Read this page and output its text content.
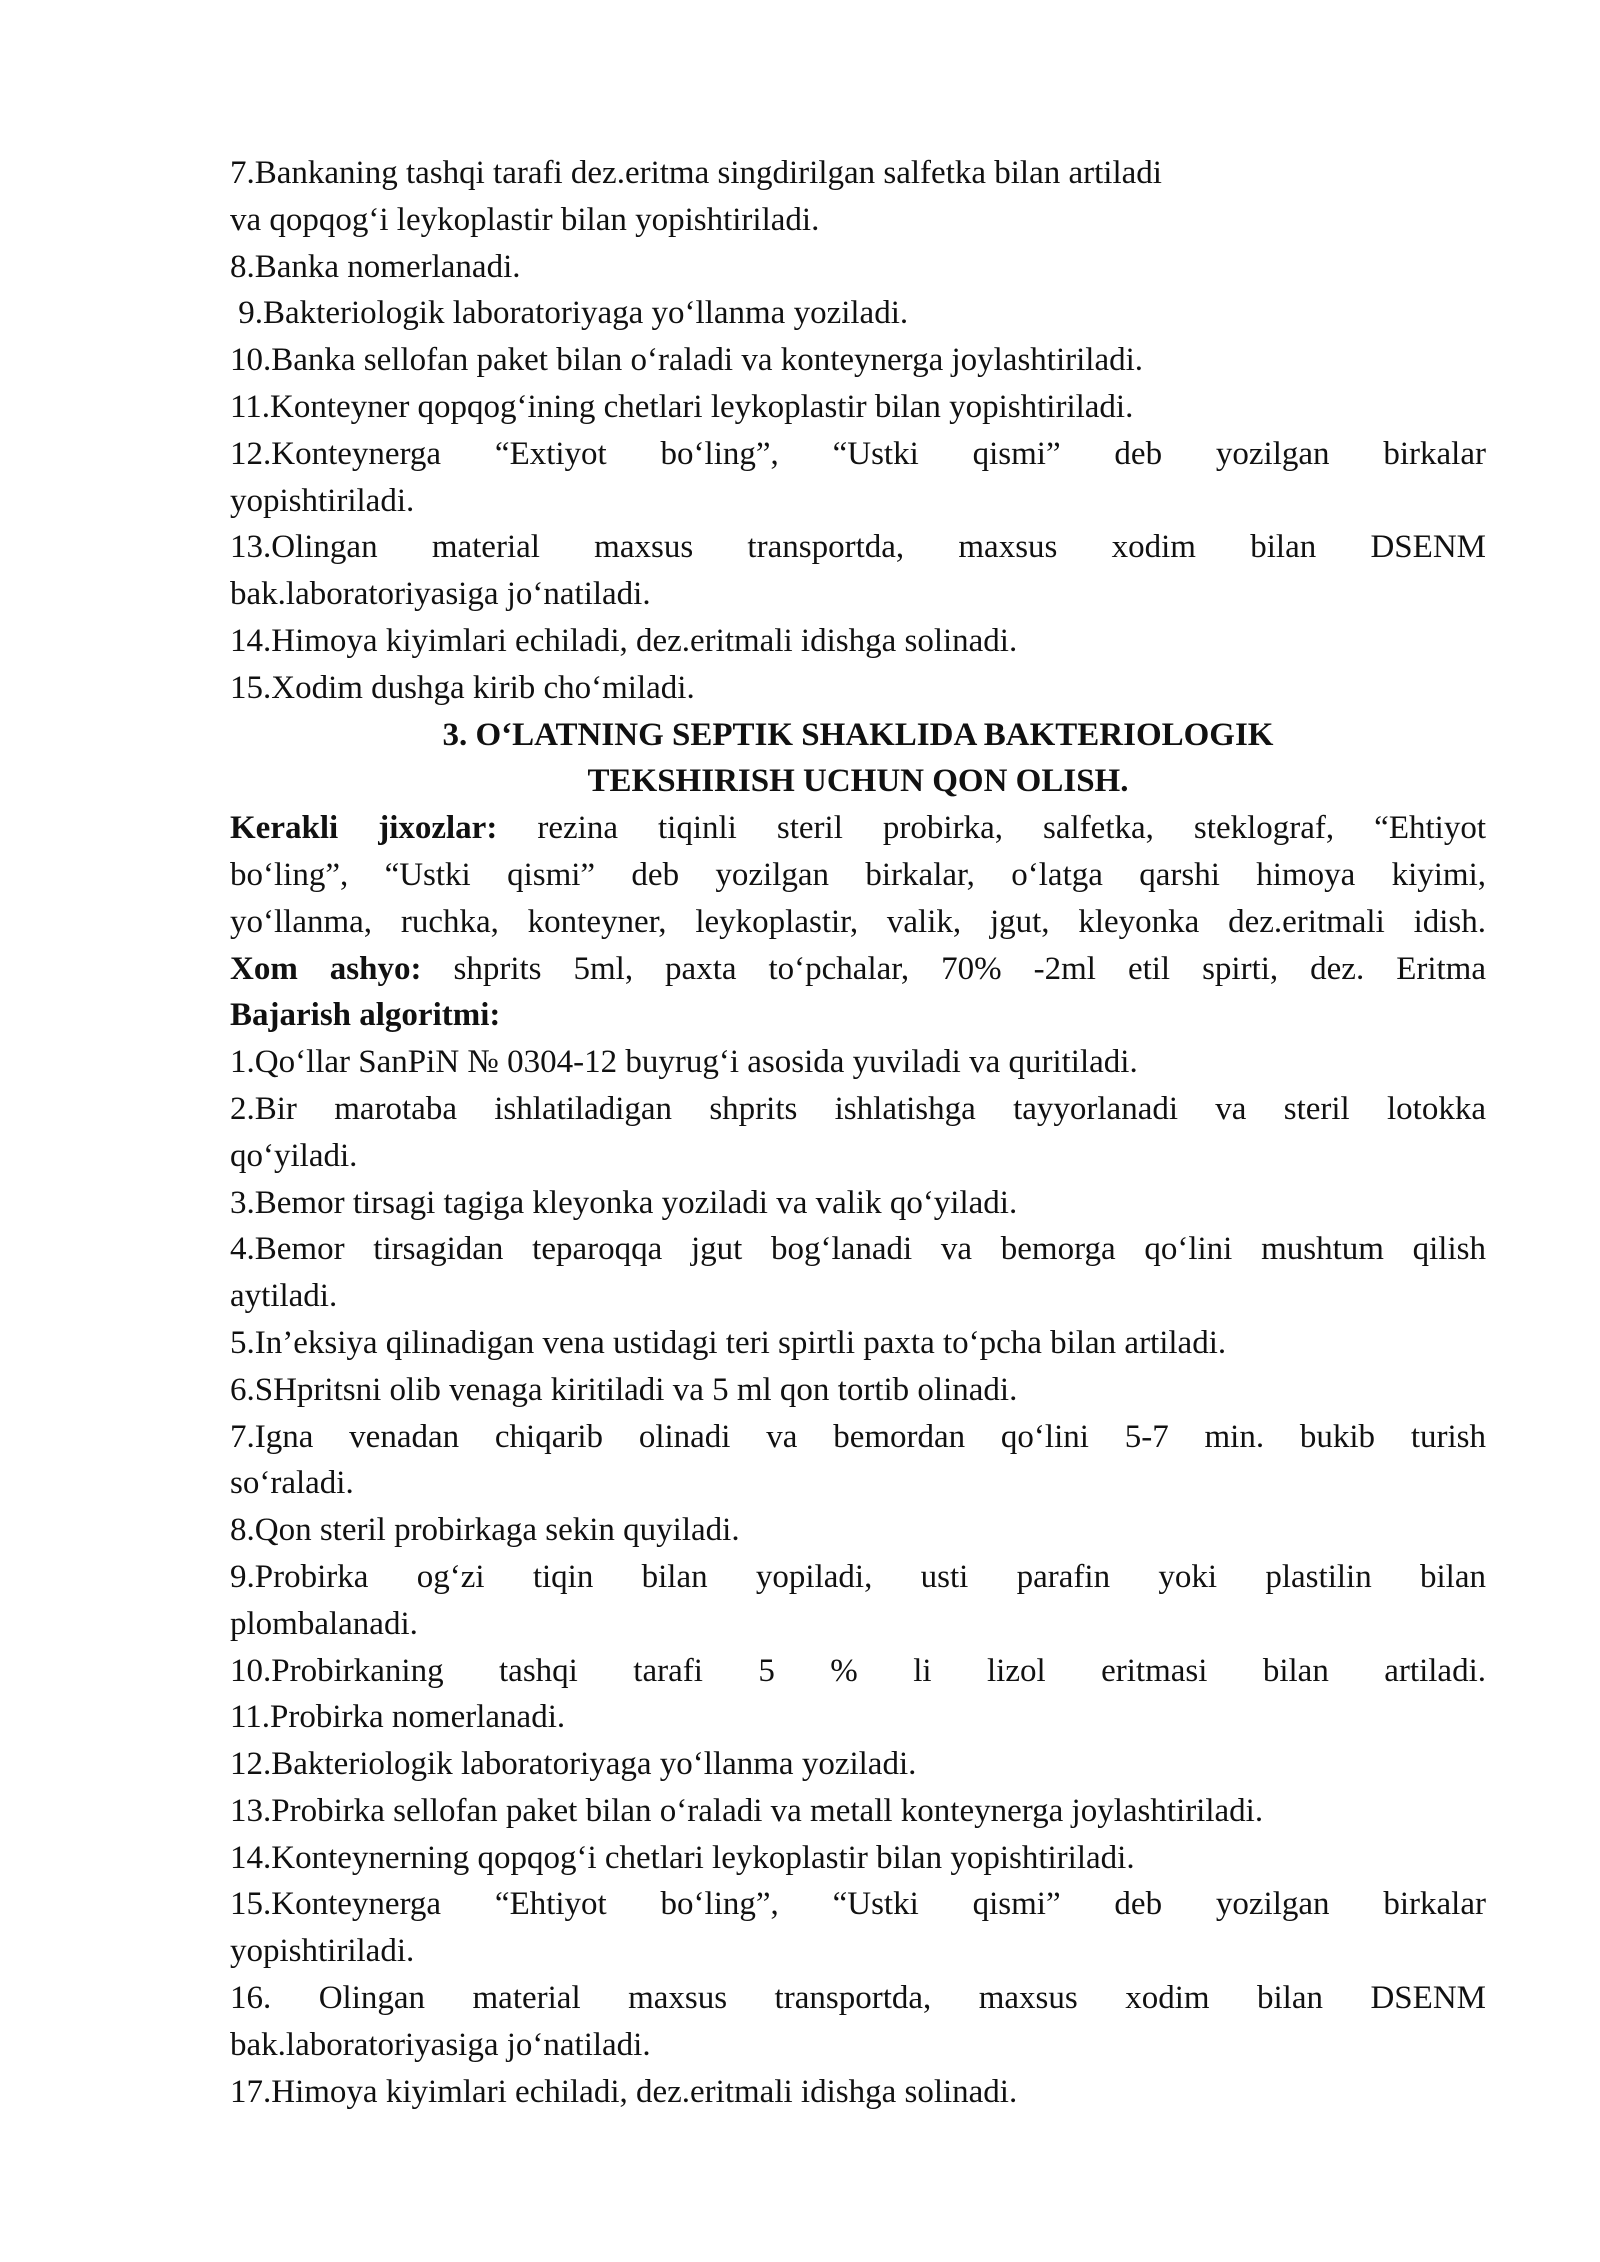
7.Bankaning tashqi tarafi dez.eritma singdirilgan salfetka bilan artiladi
va qopqog‘i leykoplastir bilan yopishtiriladi.
8.Banka nomerlanadi.
9.Bakteriologik laboratoriyaga yo‘llanma yoziladi.
10.Banka sellofan paket bilan o‘raladi va konteynerga joylashtiriladi.
11.Konteyner qopqog‘ining chetlari leykoplastir bilan yopishtiriladi.
12.Konteynerga “Extiyot bo‘ling”, “Ustki qismi” deb yozilgan birkalar
yopishtiriladi.
13.Olingan material maxsus transportda, maxsus xodim bilan DSENM
bak.laboratoriyasiga jo‘natiladi.
14.Himoya kiyimlari echiladi, dez.eritmali idishga solinadi.
15.Xodim dushga kirib cho‘miladi.
3. O‘LATNING SEPTIK SHAKLIDA BAKTERIOLOGIK
TEKSHIRISH UCHUN QON OLISH.
Kerakli jixozlar: rezina tiqinli steril probirka, salfetka, steklograf, “Ehtiyot
bo‘ling”, “Ustki qismi” deb yozilgan birkalar, o‘latga qarshi himoya kiyimi,
yo‘llanma, ruchka, konteyner, leykoplastir, valik, jgut, kleyonka dez.eritmali idish.
Xom ashyo: shprits 5ml, paxta to‘pchalar, 70% -2ml etil spirti, dez. Eritma
Bajarish algoritmi:
1.Qo‘llar SanPiN № 0304-12 buyrug‘i asosida yuviladi va quritiladi.
2.Bir marotaba ishlatiladigan shprits ishlatishga tayyorlanadi va steril lotokka
qo‘yiladi.
3.Bemor tirsagi tagiga kleyonka yoziladi va valik qo‘yiladi.
4.Bemor tirsagidan teparoqqa jgut bog‘lanadi va bemorga qo‘lini mushtum qilish
aytiladi.
5.In’eksiya qilinadigan vena ustidagi teri spirtli paxta to‘pcha bilan artiladi.
6.SHpritsni olib venaga kiritiladi va 5 ml qon tortib olinadi.
7.Igna venadan chiqarib olinadi va bemordan qo‘lini 5-7 min. bukib turish
so‘raladi.
8.Qon steril probirkaga sekin quyiladi.
9.Probirka og‘zi tiqin bilan yopiladi, usti parafin yoki plastilin bilan
plombalanadi.
10.Probirkaning tashqi tarafi 5 % li lizol eritmasi bilan artiladi.
11.Probirka nomerlanadi.
12.Bakteriologik laboratoriyaga yo‘llanma yoziladi.
13.Probirka sellofan paket bilan o‘raladi va metall konteynerga joylashtiriladi.
14.Konteynerning qopqog‘i chetlari leykoplastir bilan yopishtiriladi.
15.Konteynerga “Ehtiyot bo‘ling”, “Ustki qismi” deb yozilgan birkalar
yopishtiriladi.
16. Olingan material maxsus transportda, maxsus xodim bilan DSENM
bak.laboratoriyasiga jo‘natiladi.
17.Himoya kiyimlari echiladi, dez.eritmali idishga solinadi.
